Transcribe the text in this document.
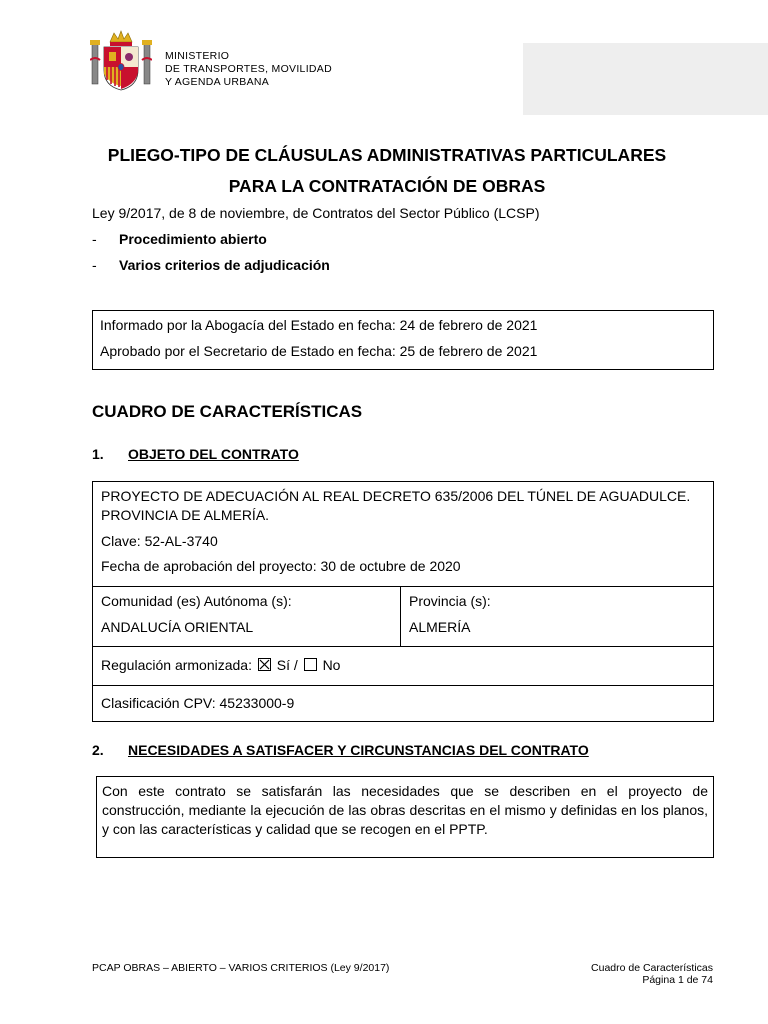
MINISTERIO
DE TRANSPORTES, MOVILIDAD
Y AGENDA URBANA
PLIEGO-TIPO DE CLÁUSULAS ADMINISTRATIVAS PARTICULARES
PARA LA CONTRATACIÓN DE OBRAS
Ley 9/2017, de 8 de noviembre, de Contratos del Sector Público (LCSP)
- Procedimiento abierto
- Varios criterios de adjudicación
Informado por la Abogacía del Estado en fecha: 24 de febrero de 2021
Aprobado por el Secretario de Estado en fecha: 25 de febrero de 2021
CUADRO DE CARACTERÍSTICAS
1. OBJETO DEL CONTRATO
PROYECTO DE ADECUACIÓN AL REAL DECRETO 635/2006 DEL TÚNEL DE AGUADULCE.
PROVINCIA DE ALMERÍA.
Clave: 52-AL-3740
Fecha de aprobación del proyecto: 30 de octubre de 2020
Comunidad (es) Autónoma (s):
ANDALUCÍA ORIENTAL
Provincia (s):
ALMERÍA
Regulación armonizada: Sí / No
Clasificación CPV: 45233000-9
2. NECESIDADES A SATISFACER Y CIRCUNSTANCIAS DEL CONTRATO
Con este contrato se satisfarán las necesidades que se describen en el proyecto de construcción, mediante la ejecución de las obras descritas en el mismo y definidas en los planos, y con las características y calidad que se recogen en el PPTP.
PCAP OBRAS – ABIERTO – VARIOS CRITERIOS (Ley 9/2017)	Cuadro de Características
Página 1 de 74
